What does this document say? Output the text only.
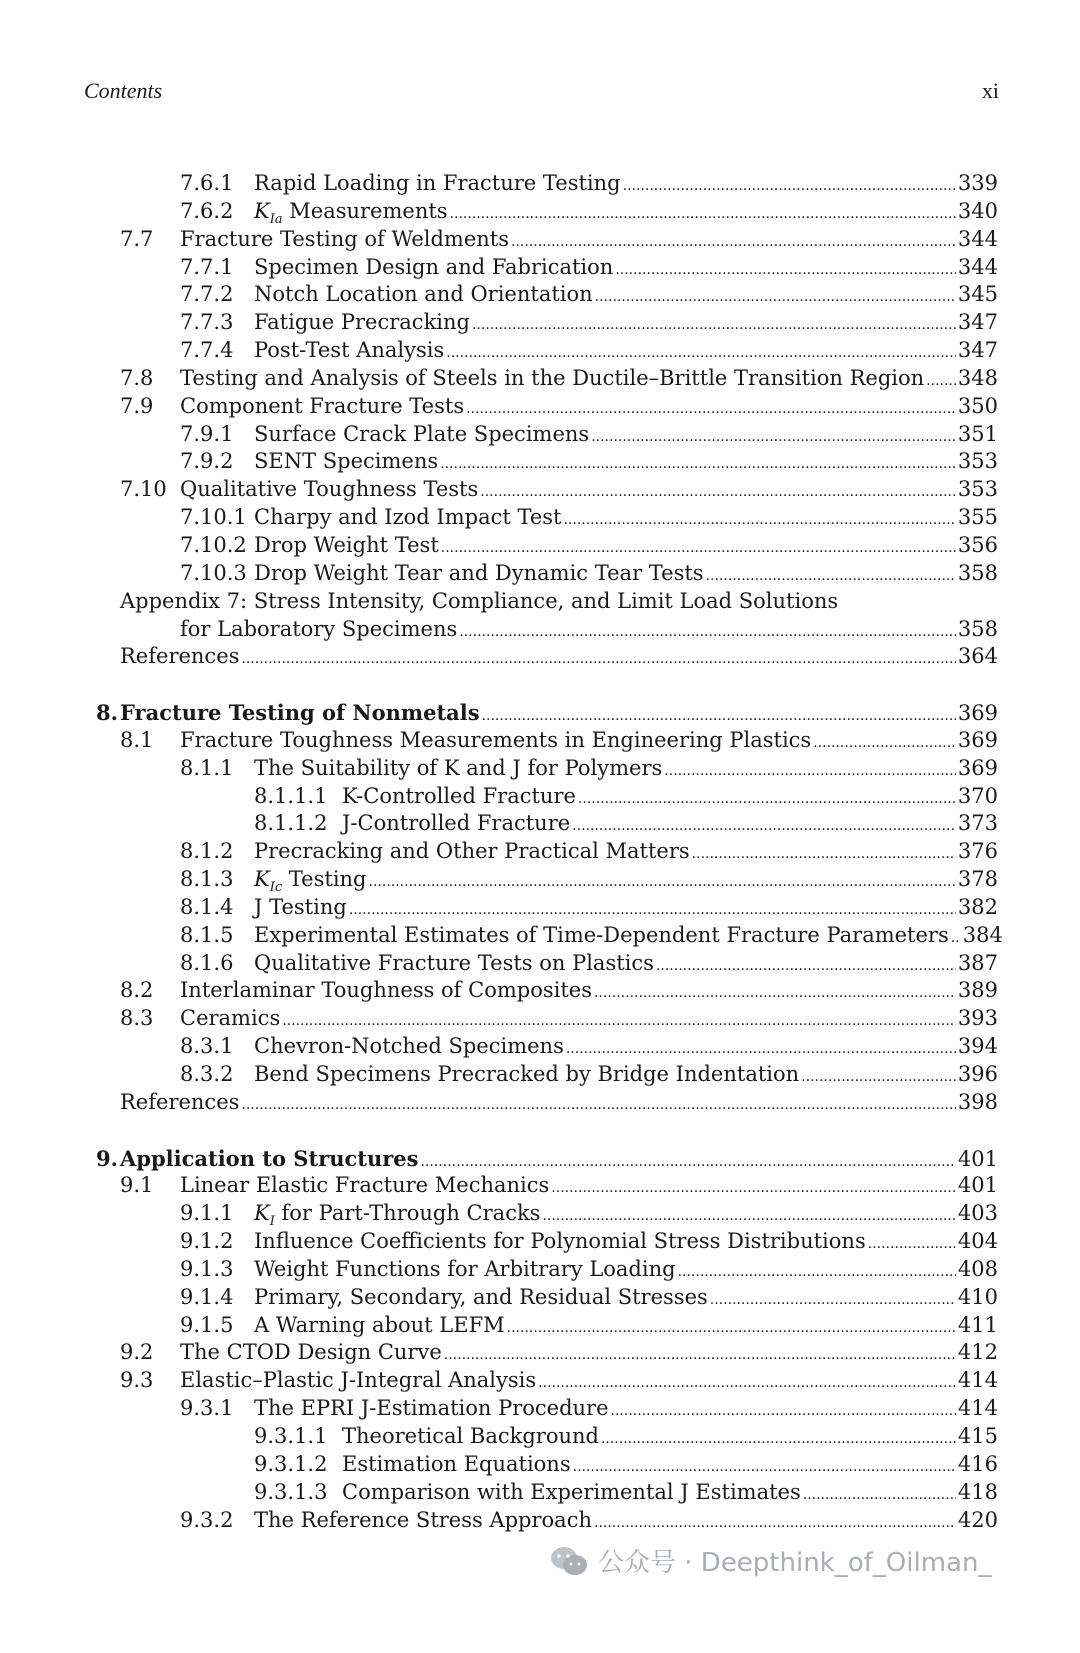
Contents	xi
7.6.1 Rapid Loading in Fracture Testing .....	339
7.6.2 $K_{Ia}$ Measurements .....	340
7.7 Fracture Testing of Weldments .....	344
7.7.1 Specimen Design and Fabrication .....	344
7.7.2 Notch Location and Orientation .....	345
7.7.3 Fatigue Precracking .....	347
7.7.4 Post-Test Analysis .....	347
7.8 Testing and Analysis of Steels in the Ductile–Brittle Transition Region ..... 348
7.9 Component Fracture Tests .....	350
7.9.1 Surface Crack Plate Specimens .....	351
7.9.2 SENT Specimens .....	353
7.10 Qualitative Toughness Tests .....	353
7.10.1 Charpy and Izod Impact Test .....	355
7.10.2 Drop Weight Test .....	356
7.10.3 Drop Weight Tear and Dynamic Tear Tests .....	358
Appendix 7: Stress Intensity, Compliance, and Limit Load Solutions
for Laboratory Specimens .....	358
References .....	364
8. Fracture Testing of Nonmetals .....	369
8.1 Fracture Toughness Measurements in Engineering Plastics .....	369
8.1.1 The Suitability of K and J for Polymers .....	369
8.1.1.1 K-Controlled Fracture .....	370
8.1.1.2 J-Controlled Fracture .....	373
8.1.2 Precracking and Other Practical Matters .....	376
8.1.3 $K_{Ic}$ Testing .....	378
8.1.4 J Testing .....	382
8.1.5 Experimental Estimates of Time-Dependent Fracture Parameters ..... 384
8.1.6 Qualitative Fracture Tests on Plastics .....	387
8.2 Interlaminar Toughness of Composites .....	389
8.3 Ceramics .....	393
8.3.1 Chevron-Notched Specimens .....	394
8.3.2 Bend Specimens Precracked by Bridge Indentation .....	396
References .....	398
9. Application to Structures .....	401
9.1 Linear Elastic Fracture Mechanics .....	401
9.1.1 $K_I$ for Part-Through Cracks .....	403
9.1.2 Influence Coefficients for Polynomial Stress Distributions .....	404
9.1.3 Weight Functions for Arbitrary Loading .....	408
9.1.4 Primary, Secondary, and Residual Stresses .....	410
9.1.5 A Warning about LEFM .....	411
9.2 The CTOD Design Curve .....	412
9.3 Elastic–Plastic J-Integral Analysis .....	414
9.3.1 The EPRI J-Estimation Procedure .....	414
9.3.1.1 Theoretical Background .....	415
9.3.1.2 Estimation Equations .....	416
9.3.1.3 Comparison with Experimental J Estimates .....	418
9.3.2 The Reference Stress Approach .....	420
公众号 · Deepthink_of_Oilman_
